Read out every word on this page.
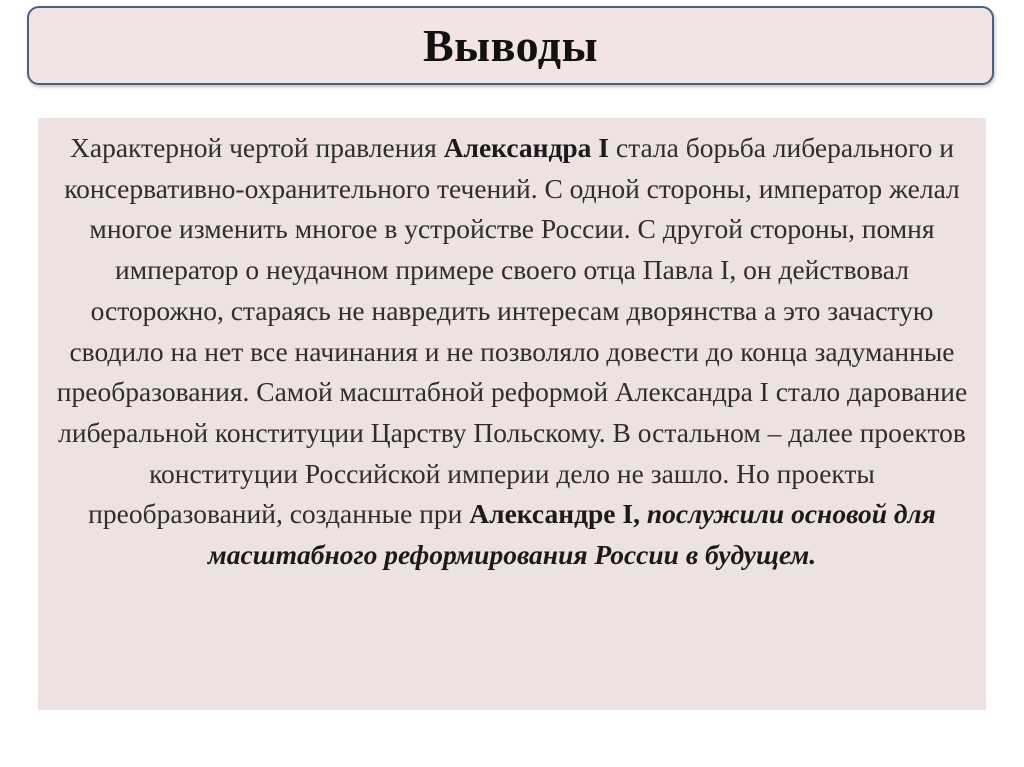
Выводы

Характерной чертой правления Александра I стала борьба либерального и консервативно-охранительного течений. С одной стороны, император желал многое изменить многое в устройстве России. С другой стороны, помня император о неудачном примере своего отца Павла I, он действовал осторожно, стараясь не навредить интересам дворянства а это зачастую сводило на нет все начинания и не позволяло довести до конца задуманные преобразования. Самой масштабной реформой Александра I стало дарование либеральной конституции Царству Польскому. В остальном – далее проектов конституции Российской империи дело не зашло. Но проекты преобразований, созданные при Александре I, послужили основой для масштабного реформирования России в будущем.
